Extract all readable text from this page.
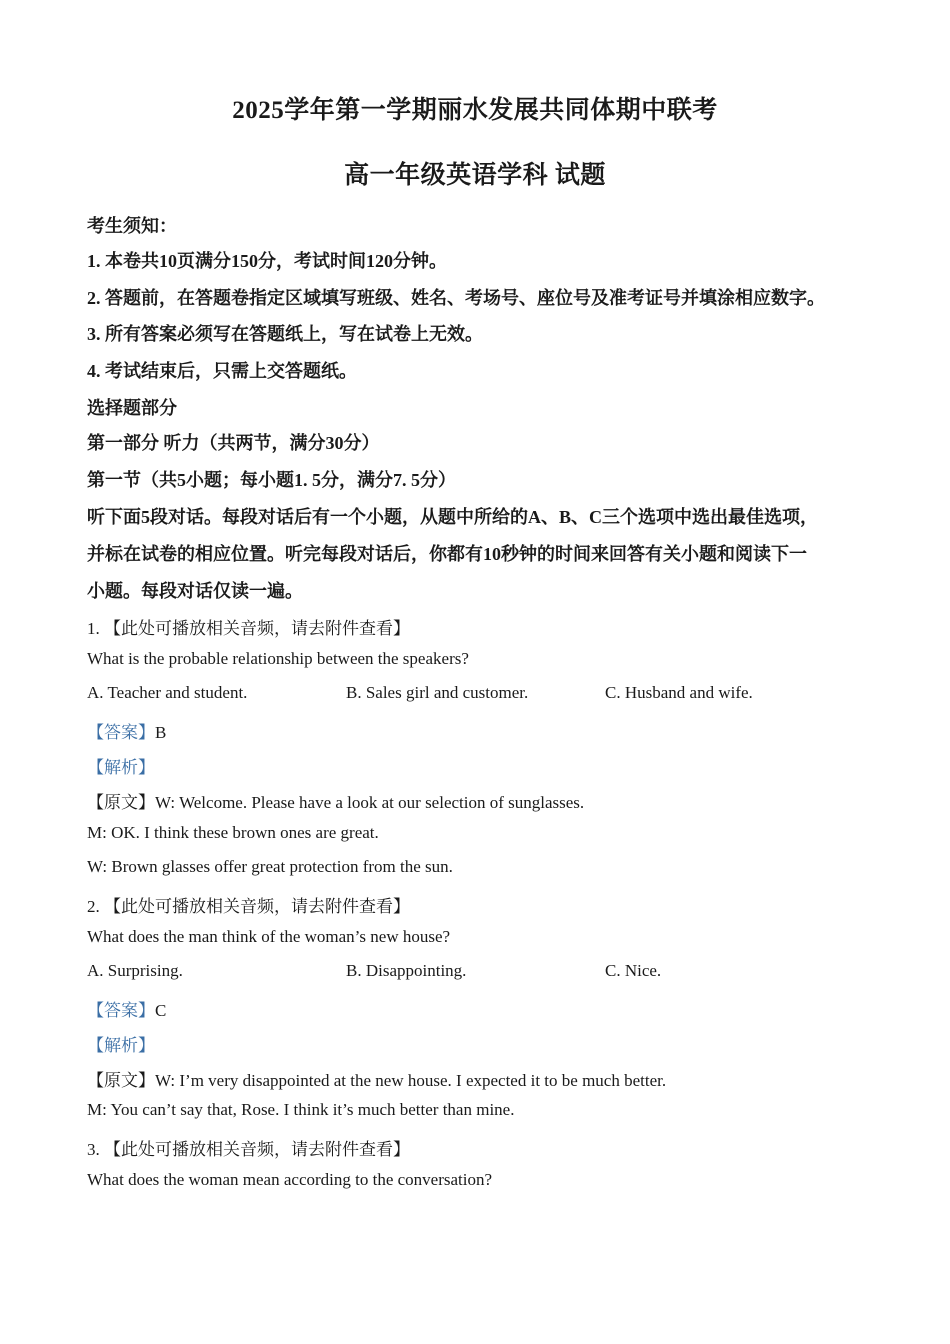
2025学年第一学期丽水发展共同体期中联考
高一年级英语学科 试题
考生须知：
1. 本卷共10页满分150分，考试时间120分钟。
2. 答题前，在答题卷指定区域填写班级、姓名、考场号、座位号及准考证号并填涂相应数字。
3. 所有答案必须写在答题纸上，写在试卷上无效。
4. 考试结束后，只需上交答题纸。
选择题部分
第一部分 听力（共两节，满分30分）
第一节（共5小题；每小题1. 5分，满分7. 5分）
听下面5段对话。每段对话后有一个小题，从题中所给的A、B、C三个选项中选出最佳选项，
并标在试卷的相应位置。听完每段对话后，你都有10秒钟的时间来回答有关小题和阅读下一
小题。每段对话仅读一遍。
1. 【此处可播放相关音频，请去附件查看】
What is the probable relationship between the speakers?
A. Teacher and student.	B. Sales girl and customer.	C. Husband and wife.
【答案】B
【解析】
【原文】W: Welcome. Please have a look at our selection of sunglasses.
M: OK. I think these brown ones are great.
W: Brown glasses offer great protection from the sun.
2. 【此处可播放相关音频，请去附件查看】
What does the man think of the woman’s new house?
A. Surprising.	B. Disappointing.	C. Nice.
【答案】C
【解析】
【原文】W: I’m very disappointed at the new house. I expected it to be much better.
M: You can’t say that, Rose. I think it’s much better than mine.
3. 【此处可播放相关音频，请去附件查看】
What does the woman mean according to the conversation?
